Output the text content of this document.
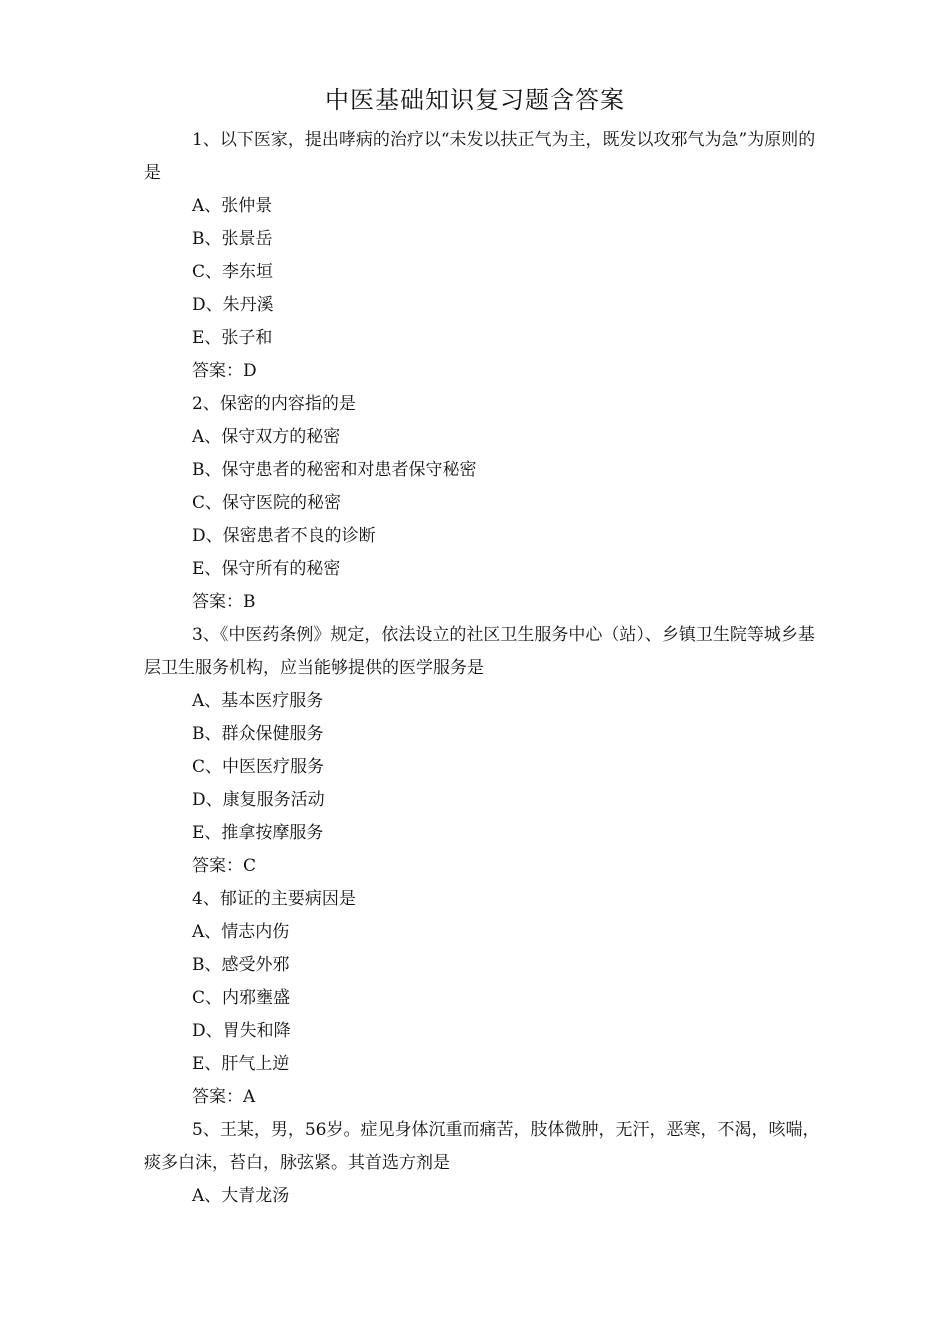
中医基础知识复习题含答案

1、以下医家，提出哮病的治疗以“未发以扶正气为主，既发以攻邪气为急”为原则的是

A、张仲景

B、张景岳

C、李东垣

D、朱丹溪

E、张子和

答案：D

2、保密的内容指的是

A、保守双方的秘密

B、保守患者的秘密和对患者保守秘密

C、保守医院的秘密

D、保密患者不良的诊断

E、保守所有的秘密

答案：B

3、《中医药条例》规定，依法设立的社区卫生服务中心（站）、乡镇卫生院等城乡基层卫生服务机构，应当能够提供的医学服务是

A、基本医疗服务

B、群众保健服务

C、中医医疗服务

D、康复服务活动

E、推拿按摩服务

答案：C

4、郁证的主要病因是

A、情志内伤

B、感受外邪

C、内邪壅盛

D、胃失和降

E、肝气上逆

答案：A

5、王某，男，56岁。症见身体沉重而痛苦，肢体微肿，无汗，恶寒，不渴，咳喘，痰多白沫，苔白，脉弦紧。其首选方剂是

A、大青龙汤
